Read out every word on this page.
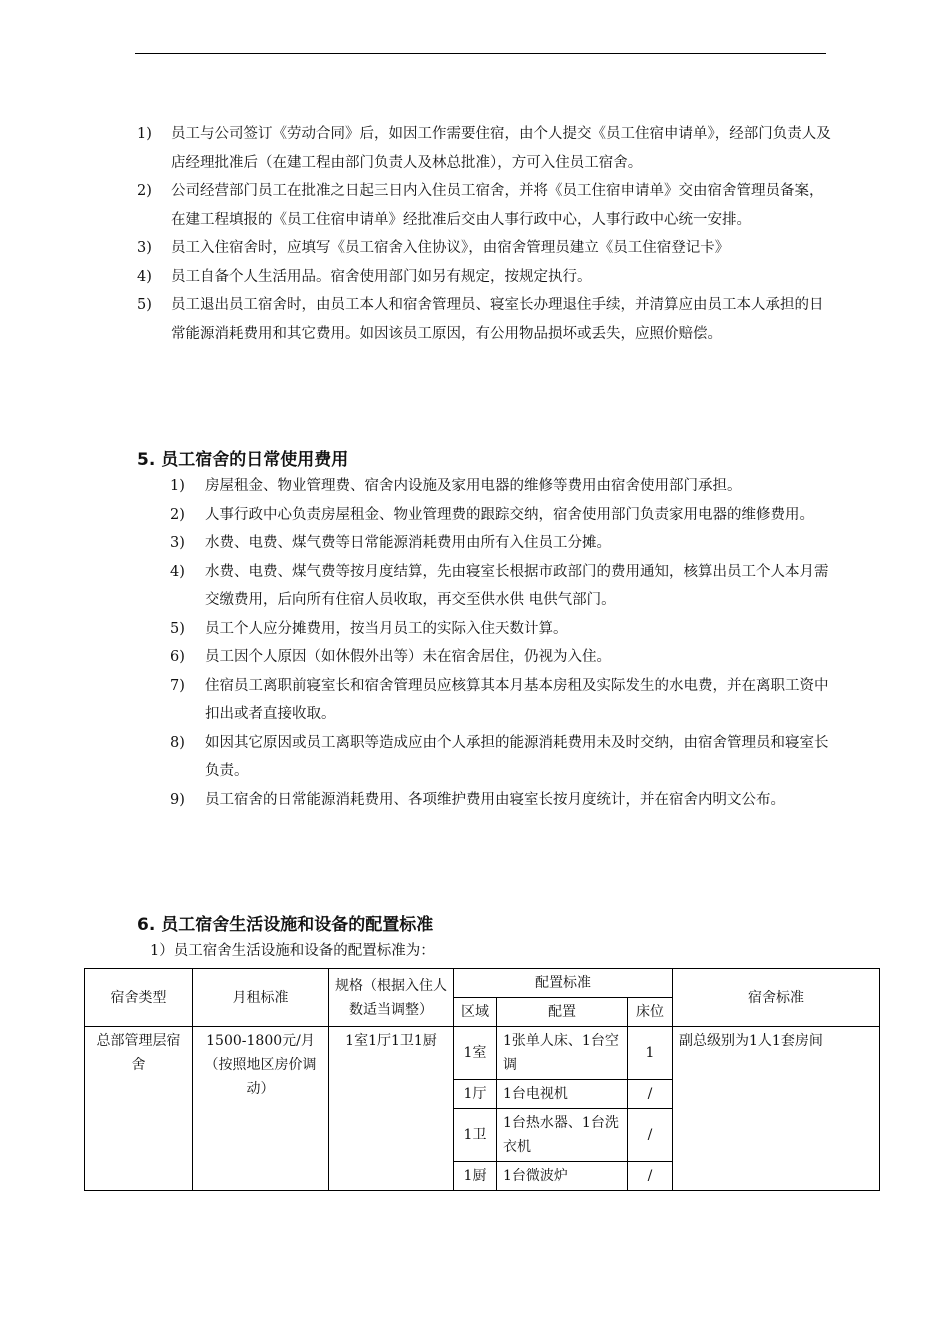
1)	员工与公司签订《劳动合同》后，如因工作需要住宿，由个人提交《员工住宿申请单》，经部门负责人及店经理批准后（在建工程由部门负责人及林总批准），方可入住员工宿舍。
2)	公司经营部门员工在批准之日起三日内入住员工宿舍，并将《员工住宿申请单》交由宿舍管理员备案，在建工程填报的《员工住宿申请单》经批准后交由人事行政中心，人事行政中心统一安排。
3)	员工入住宿舍时，应填写《员工宿舍入住协议》，由宿舍管理员建立《员工住宿登记卡》
4)	员工自备个人生活用品。宿舍使用部门如另有规定，按规定执行。
5)	员工退出员工宿舍时，由员工本人和宿舍管理员、寝室长办理退住手续，并清算应由员工本人承担的日常能源消耗费用和其它费用。如因该员工原因，有公用物品损坏或丢失，应照价赔偿。
5. 员工宿舍的日常使用费用
1)	房屋租金、物业管理费、宿舍内设施及家用电器的维修等费用由宿舍使用部门承担。
2)	人事行政中心负责房屋租金、物业管理费的跟踪交纳，宿舍使用部门负责家用电器的维修费用。
3)	水费、电费、煤气费等日常能源消耗费用由所有入住员工分摊。
4)	水费、电费、煤气费等按月度结算，先由寝室长根据市政部门的费用通知，核算出员工个人本月需交缴费用，后向所有住宿人员收取，再交至供水供 电供气部门。
5)	员工个人应分摊费用，按当月员工的实际入住天数计算。
6)	员工因个人原因（如休假外出等）未在宿舍居住，仍视为入住。
7)	住宿员工离职前寝室长和宿舍管理员应核算其本月基本房租及实际发生的水电费，并在离职工资中扣出或者直接收取。
8)	如因其它原因或员工离职等造成应由个人承担的能源消耗费用未及时交纳，由宿舍管理员和寝室长负责。
9)	员工宿舍的日常能源消耗费用、各项维护费用由寝室长按月度统计，并在宿舍内明文公布。
6. 员工宿舍生活设施和设备的配置标准
1）员工宿舍生活设施和设备的配置标准为：
宿舍类型	月租标准	规格（根据入住人数适当调整）	配置标准			宿舍标准
			区域	配置	床位	
总部管理层宿舍	1500-1800元/月（按照地区房价调动）	1室1厅1卫1厨	1室	1张单人床、1台空调	1	副总级别为1人1套房间
			1厅	1台电视机	/	
			1卫	1台热水器、1台洗衣机	/	
			1厨	1台微波炉	/	
